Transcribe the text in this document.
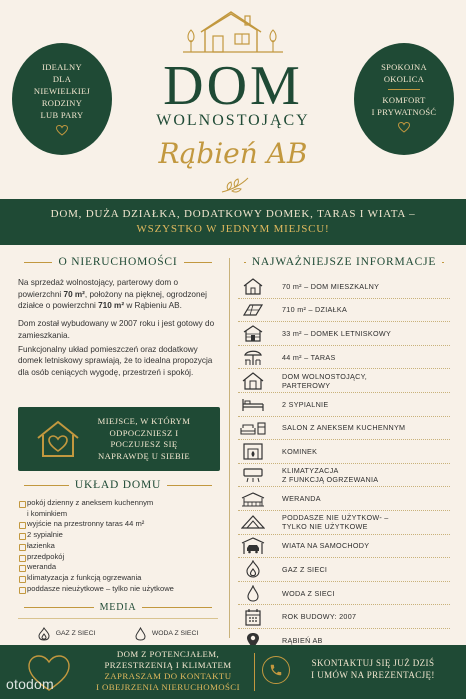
IDEALNY
DLA
NIEWIELKIEJ
RODZINY
LUB PARY
SPOKOJNA
OKOLICA
KOMFORT
I PRYWATNOŚĆ
DOM
WOLNOSTOJĄCY
Rąbień AB
DOM, DUŻA DZIAŁKA, DODATKOWY DOMEK, TARAS I WIATA –
WSZYSTKO W JEDNYM MIEJSCU!
O NIERUCHOMOŚCI

Na sprzedaż wolnostojący, parterowy dom o powierzchni 70 m², położony na pięknej, ogrodzonej działce o powierzchni 710 m² w Rąbieniu AB.

Dom został wybudowany w 2007 roku i jest gotowy do zamieszkania.

Funkcjonalny układ pomieszczeń oraz dodatkowy domek letniskowy sprawiają, że to idealna propozycja dla osób ceniących wygodę, przestrzeń i spokój.

MIEJSCE, W KTÓRYM
ODPOCZNIESZ I
POCZUJESZ SIĘ
NAPRAWDĘ U SIEBIE
UKŁAD DOMU
pokój dzienny z aneksem kuchennym
i kominkiem
wyjście na przestronny taras 44 m²
2 sypialnie
łazienka
przedpokój
weranda
klimatyzacja z funkcją ogrzewania
poddasze nieużytkowe – tylko nie użytkowe
MEDIA
GAZ Z SIECI	WODA Z SIECI
NAJWAŻNIEJSZE INFORMACJE
70 m² – DOM MIESZKALNY
710 m² – DZIAŁKA
33 m² – DOMEK LETNISKOWY
44 m² – TARAS
DOM WOLNOSTOJĄCY,
PARTEROWY
2 SYPIALNIE
SALON Z ANEKSEM KUCHENNYM
KOMINEK
KLIMATYZACJA
Z FUNKCJĄ OGRZEWANIA
WERANDA
PODDASZE NIE UŻYTKOW- –
TYLKO NIE UŻYTKOWE
WIATA NA SAMOCHODY
GAZ Z SIECI
WODA Z SIECI
ROK BUDOWY: 2007
RĄBIEŃ AB
DOM Z POTENCJAŁEM,
PRZESTRZENIĄ I KLIMATEM
ZAPRASZAM DO KONTAKTU
I OBEJRZENIA NIERUCHOMOŚCI
SKONTAKTUJ SIĘ JUŻ DZIŚ
I UMÓW NA PREZENTACJĘ!
otodom
